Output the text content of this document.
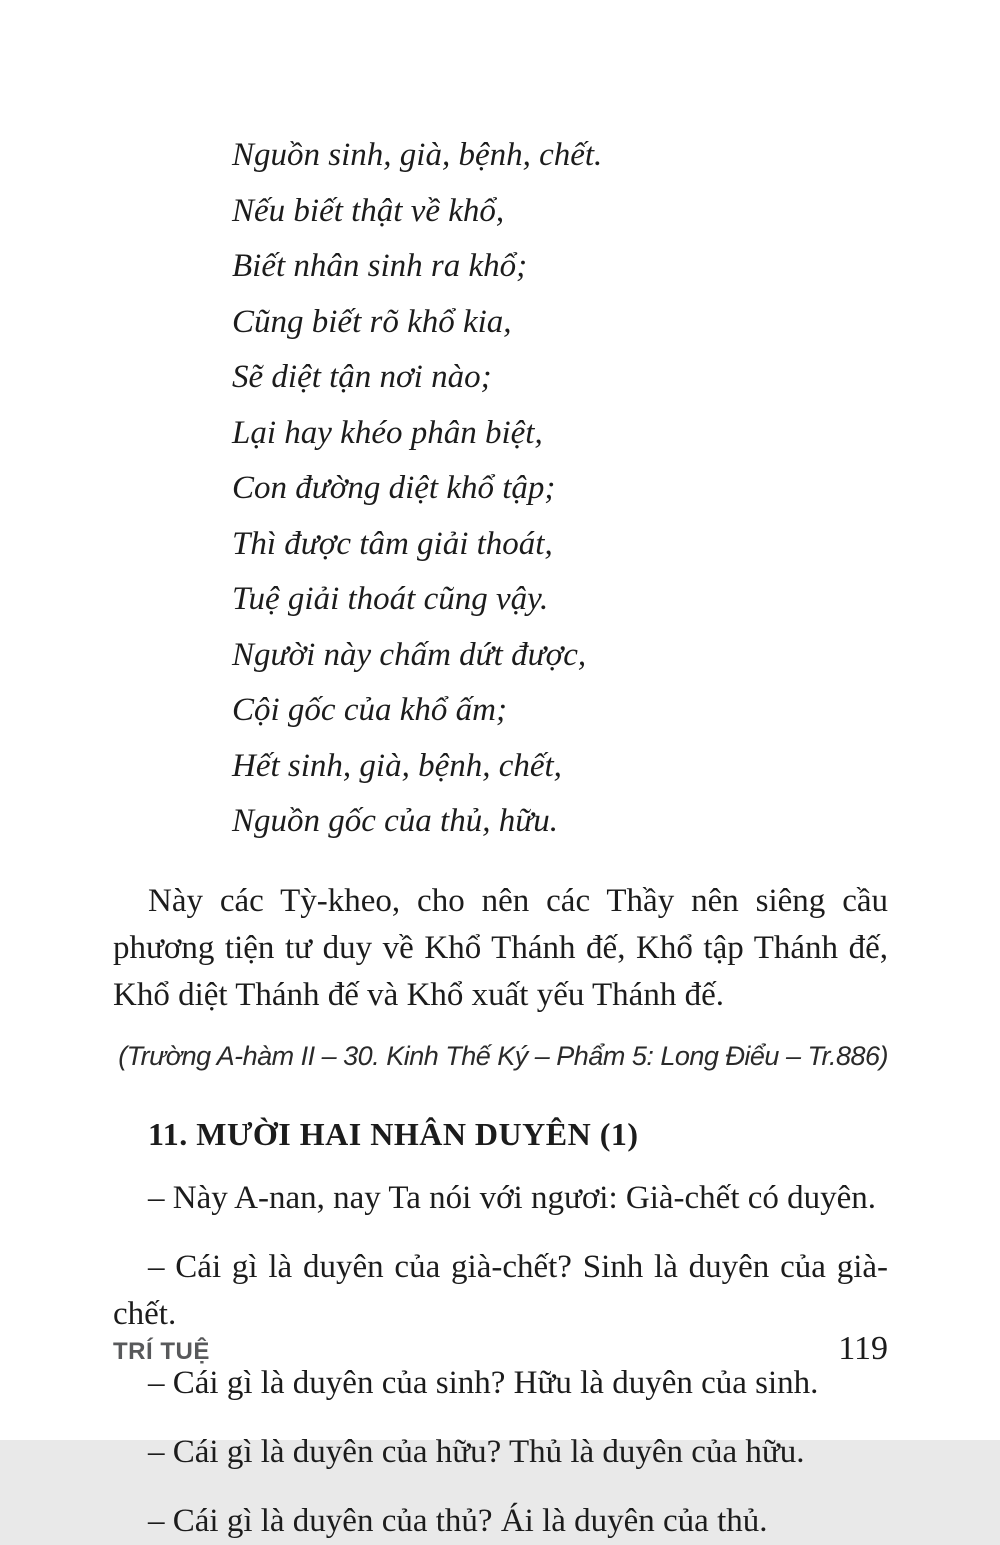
Nguồn sinh, già, bệnh, chết.
Nếu biết thật về khổ,
Biết nhân sinh ra khổ;
Cũng biết rõ khổ kia,
Sẽ diệt tận nơi nào;
Lại hay khéo phân biệt,
Con đường diệt khổ tập;
Thì được tâm giải thoát,
Tuệ giải thoát cũng vậy.
Người này chấm dứt được,
Cội gốc của khổ ấm;
Hết sinh, già, bệnh, chết,
Nguồn gốc của thủ, hữu.

Này các Tỳ-kheo, cho nên các Thầy nên siêng cầu phương tiện tư duy về Khổ Thánh đế, Khổ tập Thánh đế, Khổ diệt Thánh đế và Khổ xuất yếu Thánh đế.

(Trường A-hàm II – 30. Kinh Thế Ký – Phẩm 5: Long Điểu – Tr.886)
11. MƯỜI HAI NHÂN DUYÊN (1)

– Này A-nan, nay Ta nói với ngươi: Già-chết có duyên.

– Cái gì là duyên của già-chết? Sinh là duyên của già-chết.

– Cái gì là duyên của sinh? Hữu là duyên của sinh.

– Cái gì là duyên của hữu? Thủ là duyên của hữu.

– Cái gì là duyên của thủ? Ái là duyên của thủ.

TRÍ TUỆ	119
